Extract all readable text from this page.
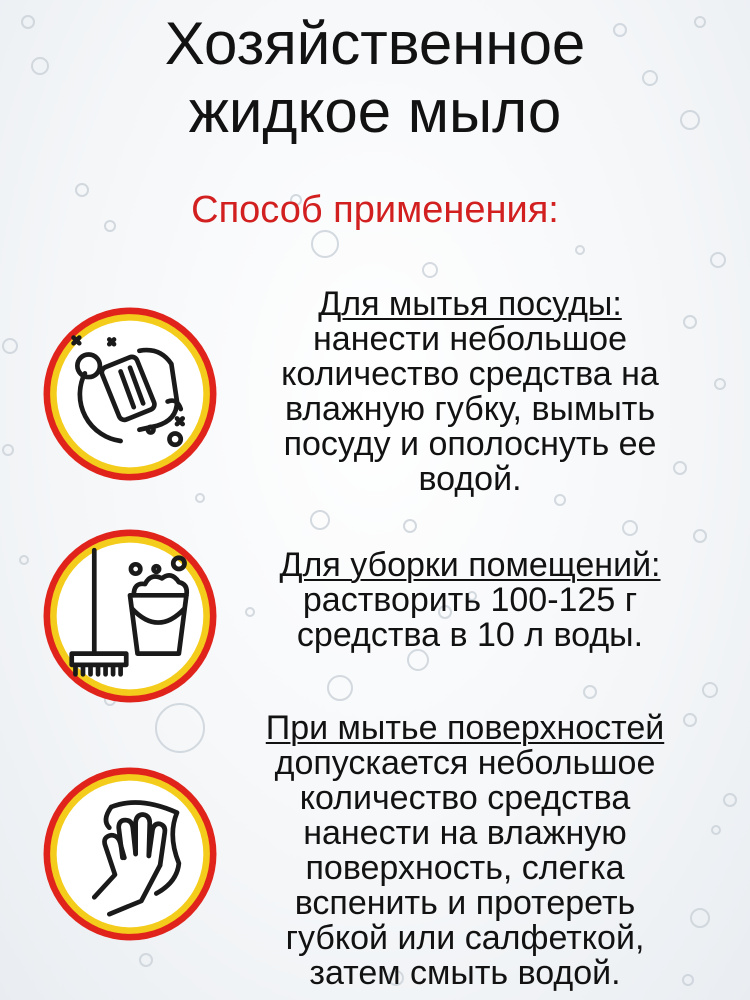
Хозяйственное
жидкое мыло
Способ применения:
Для мытья посуды:
нанести небольшое
количество средства на
влажную губку, вымыть
посуду и ополоснуть ее
водой.
Для уборки помещений:
растворить 100-125 г
средства в 10 л воды.
При мытье поверхностей
допускается небольшое
количество средства
нанести на влажную
поверхность, слегка
вспенить и протереть
губкой или салфеткой,
затем смыть водой.
